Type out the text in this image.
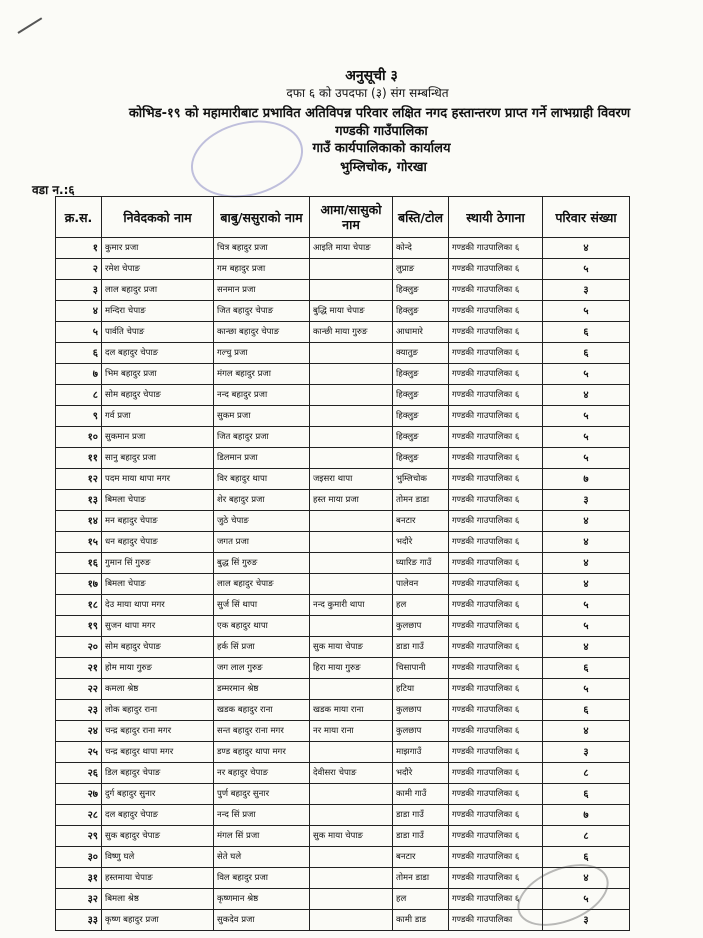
अनुसूची ३
दफा ६ को उपदफा (३) संग सम्बन्धित
कोभिड-१९ को महामारीबाट प्रभावित अतिविपन्न परिवार लक्षित नगद हस्तान्तरण प्राप्त गर्ने लाभग्राही विवरण
गण्डकी गाउँपालिका
गाउँ कार्यपालिकाको कार्यालय
भुम्लिचोक, गोरखा
वडा न.:६
क्र.स.	निवेदकको नाम	बाबु/ससुराको नाम	आमा/सासुको नाम	बस्ति/टोल	स्थायी ठेगाना	परिवार संख्या
१	कुमार प्रजा	चित्र बहादुर प्रजा	आइति माया चेपाङ	कोन्दे	गण्डकी गाउपालिका ६	४
२	रमेश चेपाङ	गम बहादुर प्रजा		लुप्राङ	गण्डकी गाउपालिका ६	५
३	लाल बहादुर प्रजा	सनमान प्रजा		हिक्लुङ	गण्डकी गाउपालिका ६	३
४	मन्दिरा चेपाङ	जित बहादुर चेपाङ	बुद्धि माया चेपाङ	हिक्लुङ	गण्डकी गाउपालिका ६	५
५	पार्वति चेपाङ	कान्छा बहादुर चेपाङ	कान्छी माया गुरुङ	आधामारे	गण्डकी गाउपालिका ६	६
६	दल बहादुर चेपाङ	गल्चु प्रजा		क्यातुङ	गण्डकी गाउपालिका ६	६
७	भिम बहादुर प्रजा	मंगल बहादुर प्रजा		हिक्लुङ	गण्डकी गाउपालिका ६	५
८	सोम बहादुर चेपाङ	नन्द बहादुर प्रजा		हिक्लुङ	गण्डकी गाउपालिका ६	४
९	गर्व प्रजा	सुकम प्रजा		हिक्लुङ	गण्डकी गाउपालिका ६	५
१०	सुकमान प्रजा	जित बहादुर प्रजा		हिक्लुङ	गण्डकी गाउपालिका ६	५
११	सानु बहादुर प्रजा	डिलमान प्रजा		हिक्लुङ	गण्डकी गाउपालिका ६	५
१२	पदम माया थापा मगर	विर बहादुर थापा	जइसरा थापा	भुम्लिचोक	गण्डकी गाउपालिका ६	७
१३	बिमला चेपाङ	शेर बहादुर प्रजा	हस्त माया प्रजा	तोमन डाडा	गण्डकी गाउपालिका ६	३
१४	मन बहादुर चेपाङ	जुठे चेपाङ		बनटार	गण्डकी गाउपालिका ६	४
१५	धन बहादुर चेपाङ	जगत प्रजा		भदौरे	गण्डकी गाउपालिका ६	४
१६	गुमान सिं गुरुङ	बुद्ध सिं गुरुङ		घ्यारिङ गाउँ	गण्डकी गाउपालिका ६	४
१७	बिमला चेपाङ	लाल बहादुर चेपाङ		पालेवन	गण्डकी गाउपालिका ६	४
१८	देउ माया थापा मगर	सुर्ज सिं थापा	नन्द कुमारी थापा	हल	गण्डकी गाउपालिका ६	५
१९	सुजन थापा मगर	एक बहादुर थापा		कुलछाप	गण्डकी गाउपालिका ६	५
२०	सोम बहादुर चेपाङ	हर्क सिं प्रजा	सुक माया चेपाङ	डाडा गाउँ	गण्डकी गाउपालिका ६	४
२१	होम माया गुरुङ	जग लाल गुरुङ	हिरा माया गुरुङ	चिसापानी	गण्डकी गाउपालिका ६	६
२२	कमला श्रेष्ठ	डम्मरमान श्रेष्ठ		हटिया	गण्डकी गाउपालिका ६	५
२३	लोक बहादुर राना	खडक बहादुर राना	खडक माया राना	कुलछाप	गण्डकी गाउपालिका ६	६
२४	चन्द्र बहादुर राना मगर	सन्त बहादुर राना मगर	नर माया राना	कुलछाप	गण्डकी गाउपालिका ६	४
२५	चन्द्र बहादुर थापा मगर	डण्ड बहादुर थापा मगर		माझगाउँ	गण्डकी गाउपालिका ६	३
२६	डिल बहादुर चेपाङ	नर बहादुर चेपाङ	देवीसरा चेपाङ	भदौरे	गण्डकी गाउपालिका ६	८
२७	दुर्ग बहादुर सुनार	पुर्ण बहादुर सुनार		कामी गाउँ	गण्डकी गाउपालिका ६	६
२८	दल बहादुर चेपाङ	नन्द सिं प्रजा		डाडा गाउँ	गण्डकी गाउपालिका ६	७
२९	सुक बहादुर चेपाङ	मंगल सिं प्रजा	सुक माया चेपाङ	डाडा गाउँ	गण्डकी गाउपालिका ६	८
३०	विष्णु घले	सेते घले		बनटार	गण्डकी गाउपालिका ६	६
३१	हस्तमाया चेपाङ	विल बहादुर प्रजा		तोमन डाडा	गण्डकी गाउपालिका ६	४
३२	बिमला श्रेष्ठ	कृष्णमान श्रेष्ठ		हल	गण्डकी गाउपालिका ६	५
३३	कृष्ण बहादुर प्रजा	सुकदेव प्रजा		कामी डाड	गण्डकी गाउपालिका	३
